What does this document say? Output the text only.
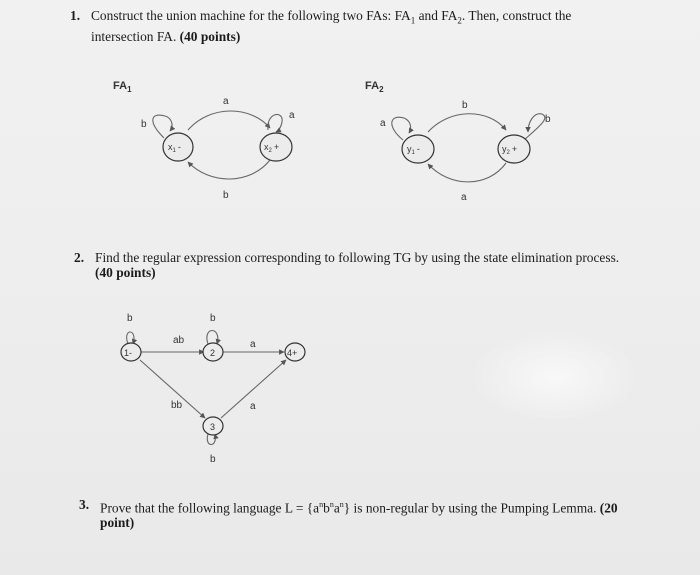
1. Construct the union machine for the following two FAs: $FA_1$ and $FA_2$. Then, construct the
intersection FA. (40 points)
$FA_1$
a
b
b
a
$x_1$ -	$x_2$ +
$FA_2$
b
a
a	b
$y_1$ -	$y_2$ +
ab	a
bb	a
b	b
b
1-	2
3
4+
2. Find the regular expression corresponding to following TG by using the state elimination process.
(40 points)
3. Prove that the following language $L = \{a^nb^na^n\}$ is non-regular by using the Pumping Lemma. (20
point)
